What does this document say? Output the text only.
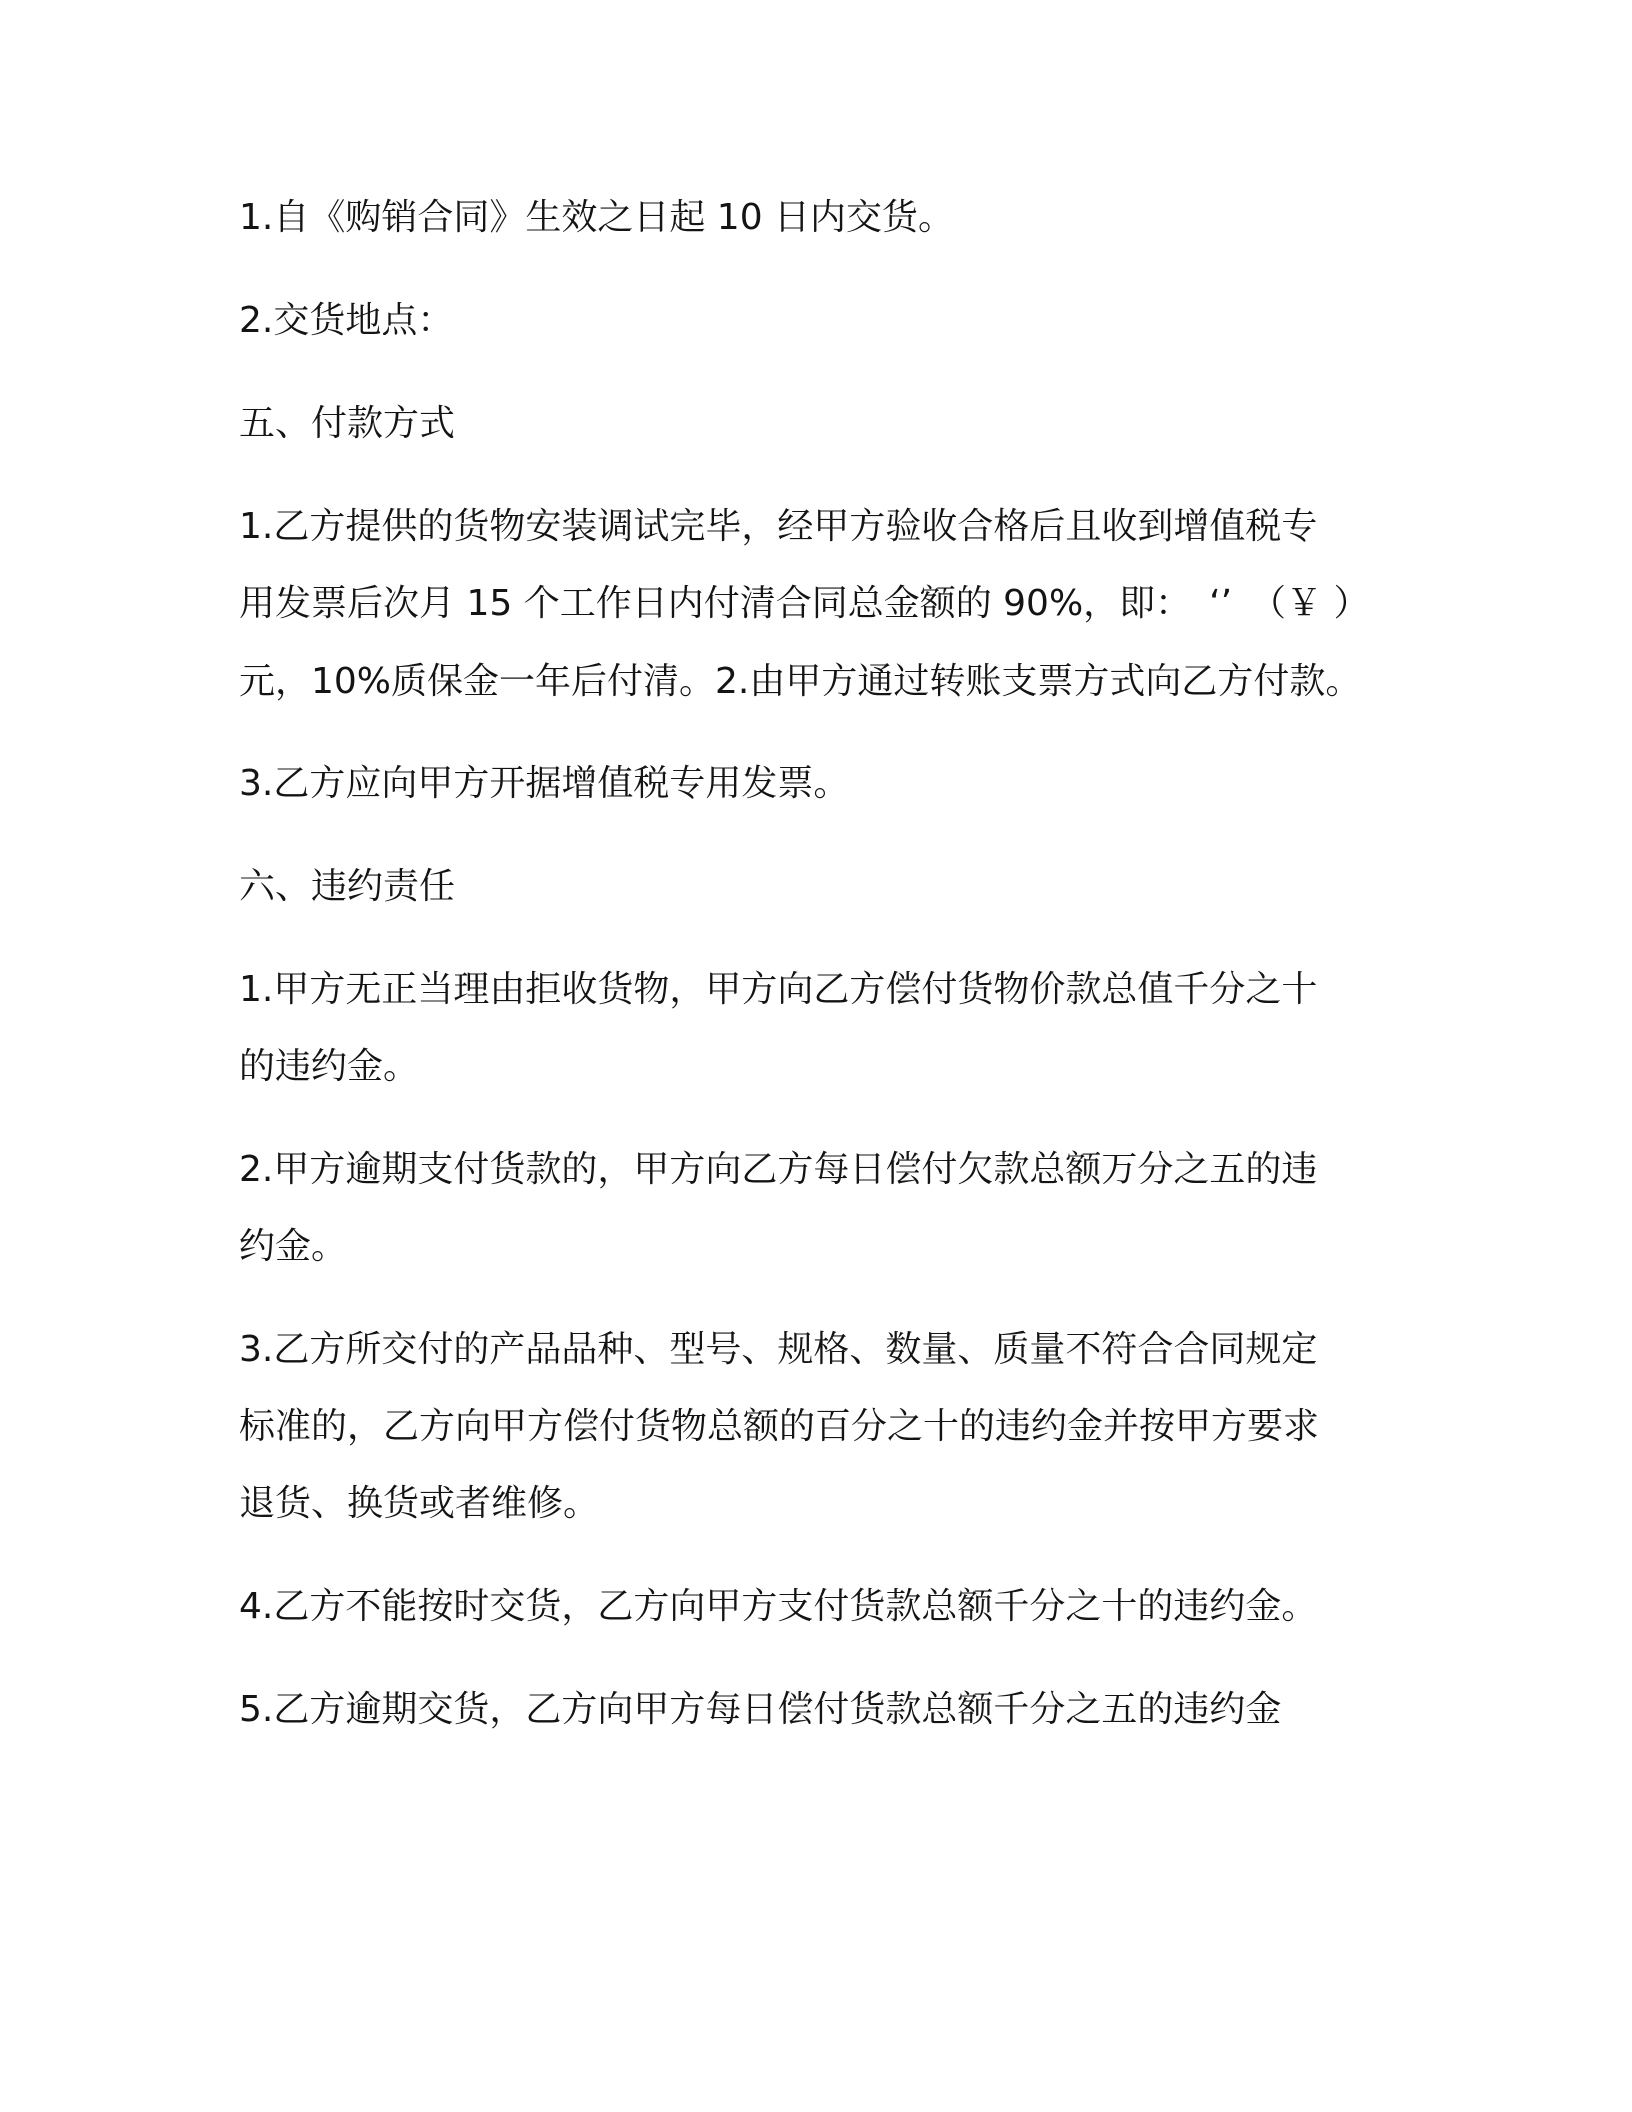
1.自《购销合同》生效之日起 10 日内交货。

2.交货地点：

五、付款方式

1.乙方提供的货物安装调试完毕，经甲方验收合格后且收到增值税专

用发票后次月 15 个工作日内付清合同总金额的 90%，即：　‘’　（￥ ）

元，10%质保金一年后付清。2.由甲方通过转账支票方式向乙方付款。

3.乙方应向甲方开据增值税专用发票。

六、违约责任

1.甲方无正当理由拒收货物，甲方向乙方偿付货物价款总值千分之十

的违约金。

2.甲方逾期支付货款的，甲方向乙方每日偿付欠款总额万分之五的违

约金。

3.乙方所交付的产品品种、型号、规格、数量、质量不符合合同规定

标准的，乙方向甲方偿付货物总额的百分之十的违约金并按甲方要求

退货、换货或者维修。

4.乙方不能按时交货，乙方向甲方支付货款总额千分之十的违约金。

5.乙方逾期交货，乙方向甲方每日偿付货款总额千分之五的违约金
